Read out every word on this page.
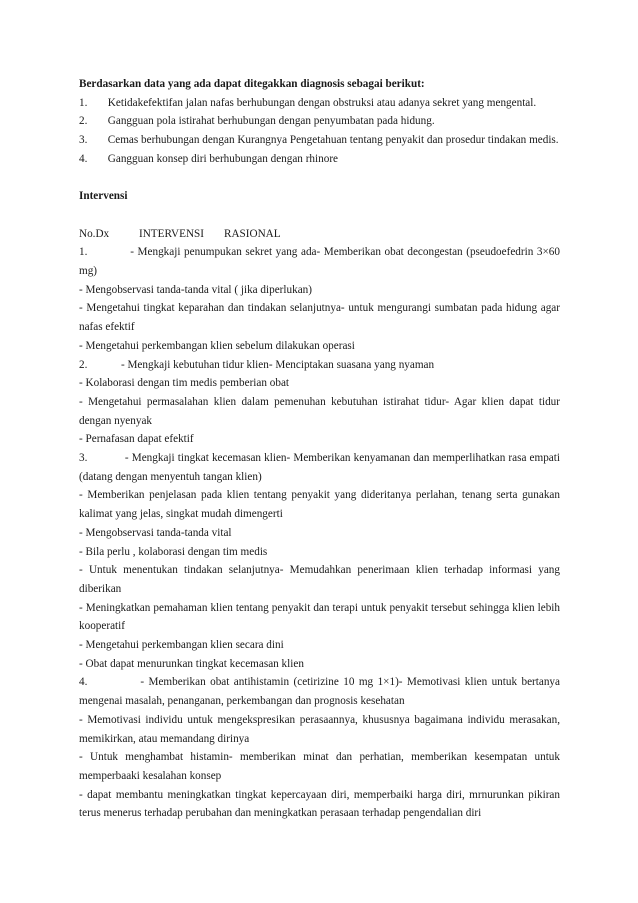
Berdasarkan data yang ada dapat ditegakkan diagnosis sebagai berikut:

1. Ketidakefektifan jalan nafas berhubungan dengan obstruksi atau adanya sekret yang mengental.

2. Gangguan pola istirahat berhubungan dengan penyumbatan pada hidung.

3. Cemas berhubungan dengan Kurangnya Pengetahuan tentang penyakit dan prosedur tindakan medis.

4. Gangguan konsep diri berhubungan dengan rhinore

Intervensi

No.Dx	INTERVENSI RASIONAL

1.            - Mengkaji penumpukan sekret yang ada- Memberikan obat decongestan (pseudoefedrin 3×60 mg)

- Mengobservasi tanda-tanda vital ( jika diperlukan)

- Mengetahui tingkat keparahan dan tindakan selanjutnya- untuk mengurangi sumbatan pada hidung agar nafas efektif

- Mengetahui perkembangan klien sebelum dilakukan operasi

2.            - Mengkaji kebutuhan tidur klien- Menciptakan suasana yang nyaman

- Kolaborasi dengan tim medis pemberian obat

- Mengetahui permasalahan klien dalam pemenuhan kebutuhan istirahat tidur- Agar klien dapat tidur dengan nyenyak

- Pernafasan dapat efektif

3.            - Mengkaji tingkat kecemasan klien- Memberikan kenyamanan dan memperlihatkan rasa empati (datang dengan menyentuh tangan klien)

- Memberikan penjelasan pada klien tentang penyakit yang dideritanya perlahan, tenang serta gunakan kalimat yang jelas, singkat mudah dimengerti

- Mengobservasi tanda-tanda vital

- Bila perlu , kolaborasi dengan tim medis

- Untuk menentukan tindakan selanjutnya- Memudahkan penerimaan klien terhadap informasi yang diberikan

- Meningkatkan pemahaman klien tentang penyakit dan terapi untuk penyakit tersebut sehingga klien lebih kooperatif

- Mengetahui perkembangan klien secara dini

- Obat dapat menurunkan tingkat kecemasan klien

4.            - Memberikan obat antihistamin (cetirizine 10 mg 1×1)- Memotivasi klien untuk bertanya mengenai masalah, penanganan, perkembangan dan prognosis kesehatan

- Memotivasi individu untuk mengekspresikan perasaannya, khususnya bagaimana individu merasakan, memikirkan, atau memandang dirinya

- Untuk menghambat histamin- memberikan minat dan perhatian, memberikan kesempatan untuk memperbaaki kesalahan konsep

- dapat membantu meningkatkan tingkat kepercayaan diri, memperbaiki harga diri, mrnurunkan pikiran terus menerus terhadap perubahan dan meningkatkan perasaan terhadap pengendalian diri
